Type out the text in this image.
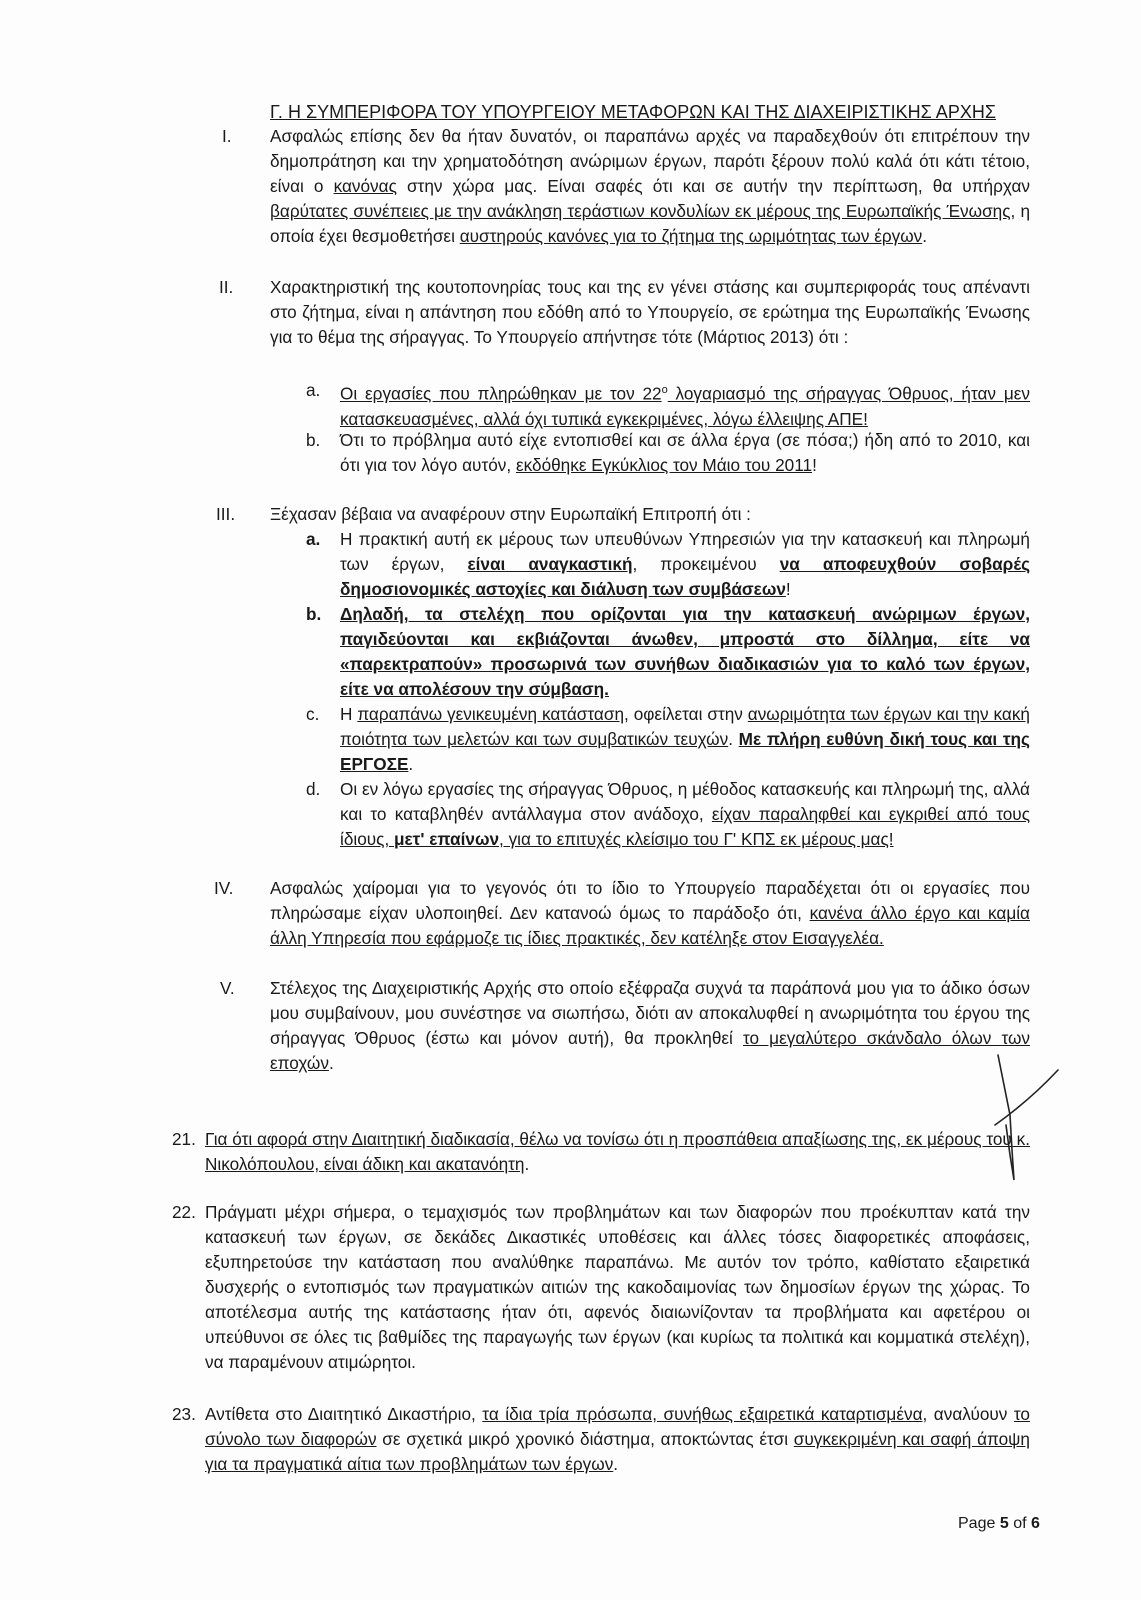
Γ. Η ΣΥΜΠΕΡΙΦΟΡΑ ΤΟΥ ΥΠΟΥΡΓΕΙΟΥ ΜΕΤΑΦΟΡΩΝ ΚΑΙ ΤΗΣ ΔΙΑΧΕΙΡΙΣΤΙΚΗΣ ΑΡΧΗΣ
I. Ασφαλώς επίσης δεν θα ήταν δυνατόν, οι παραπάνω αρχές να παραδεχθούν ότι επιτρέπουν την δημοπράτηση και την χρηματοδότηση ανώριμων έργων, παρότι ξέρουν πολύ καλά ότι κάτι τέτοιο, είναι ο κανόνας στην χώρα μας. Είναι σαφές ότι και σε αυτήν την περίπτωση, θα υπήρχαν βαρύτατες συνέπειες με την ανάκληση τεράστιων κονδυλίων εκ μέρους της Ευρωπαϊκής Ένωσης, η οποία έχει θεσμοθετήσει αυστηρούς κανόνες για το ζήτημα της ωριμότητας των έργων.
II. Χαρακτηριστική της κουτοπονηρίας τους και της εν γένει στάσης και συμπεριφοράς τους απέναντι στο ζήτημα, είναι η απάντηση που εδόθη από το Υπουργείο, σε ερώτημα της Ευρωπαϊκής Ένωσης για το θέμα της σήραγγας. Το Υπουργείο απήντησε τότε (Μάρτιος 2013) ότι :
a. Οι εργασίες που πληρώθηκαν με τον $22^o$ λογαριασμό της σήραγγας Όθρυος, ήταν μεν κατασκευασμένες, αλλά όχι τυπικά εγκεκριμένες, λόγω έλλειψης ΑΠΕ!
b. Ότι το πρόβλημα αυτό είχε εντοπισθεί και σε άλλα έργα (σε πόσα;) ήδη από το 2010, και ότι για τον λόγο αυτόν, εκδόθηκε Εγκύκλιος τον Μάιο του 2011!
III. Ξέχασαν βέβαια να αναφέρουν στην Ευρωπαϊκή Επιτροπή ότι :
a. Η πρακτική αυτή εκ μέρους των υπευθύνων Υπηρεσιών για την κατασκευή και πληρωμή των έργων, είναι αναγκαστική, προκειμένου να αποφευχθούν σοβαρές δημοσιονομικές αστοχίες και διάλυση των συμβάσεων!
b. Δηλαδή, τα στελέχη που ορίζονται για την κατασκευή ανώριμων έργων, παγιδεύονται και εκβιάζονται άνωθεν, μπροστά στο δίλλημα, είτε να «παρεκτραπούν» προσωρινά των συνήθων διαδικασιών για το καλό των έργων, είτε να απολέσουν την σύμβαση.
c. Η παραπάνω γενικευμένη κατάσταση, οφείλεται στην ανωριμότητα των έργων και την κακή ποιότητα των μελετών και των συμβατικών τευχών. Με πλήρη ευθύνη δική τους και της ΕΡΓΟΣΕ.
d. Οι εν λόγω εργασίες της σήραγγας Όθρυος, η μέθοδος κατασκευής και πληρωμή της, αλλά και το καταβληθέν αντάλλαγμα στον ανάδοχο, είχαν παραληφθεί και εγκριθεί από τους ίδιους, μετ' επαίνων, για το επιτυχές κλείσιμο του Γ' ΚΠΣ εκ μέρους μας!
IV. Ασφαλώς χαίρομαι για το γεγονός ότι το ίδιο το Υπουργείο παραδέχεται ότι οι εργασίες που πληρώσαμε είχαν υλοποιηθεί. Δεν κατανοώ όμως το παράδοξο ότι, κανένα άλλο έργο και καμία άλλη Υπηρεσία που εφάρμοζε τις ίδιες πρακτικές, δεν κατέληξε στον Εισαγγελέα.
V. Στέλεχος της Διαχειριστικής Αρχής στο οποίο εξέφραζα συχνά τα παράπονά μου για το άδικο όσων μου συμβαίνουν, μου συνέστησε να σιωπήσω, διότι αν αποκαλυφθεί η ανωριμότητα του έργου της σήραγγας Όθρυος (έστω και μόνον αυτή), θα προκληθεί το μεγαλύτερο σκάνδαλο όλων των εποχών.
21. Για ότι αφορά στην Διαιτητική διαδικασία, θέλω να τονίσω ότι η προσπάθεια απαξίωσης της, εκ μέρους του κ. Νικολόπουλου, είναι άδικη και ακατανόητη.
22. Πράγματι μέχρι σήμερα, ο τεμαχισμός των προβλημάτων και των διαφορών που προέκυπταν κατά την κατασκευή των έργων, σε δεκάδες Δικαστικές υποθέσεις και άλλες τόσες διαφορετικές αποφάσεις, εξυπηρετούσε την κατάσταση που αναλύθηκε παραπάνω. Με αυτόν τον τρόπο, καθίστατο εξαιρετικά δυσχερής ο εντοπισμός των πραγματικών αιτιών της κακοδαιμονίας των δημοσίων έργων της χώρας. Το αποτέλεσμα αυτής της κατάστασης ήταν ότι, αφενός διαιωνίζονταν τα προβλήματα και αφετέρου οι υπεύθυνοι σε όλες τις βαθμίδες της παραγωγής των έργων (και κυρίως τα πολιτικά και κομματικά στελέχη), να παραμένουν ατιμώρητοι.
23. Αντίθετα στο Διαιτητικό Δικαστήριο, τα ίδια τρία πρόσωπα, συνήθως εξαιρετικά καταρτισμένα, αναλύουν το σύνολο των διαφορών σε σχετικά μικρό χρονικό διάστημα, αποκτώντας έτσι συγκεκριμένη και σαφή άποψη για τα πραγματικά αίτια των προβλημάτων των έργων.
Page 5 of 6
